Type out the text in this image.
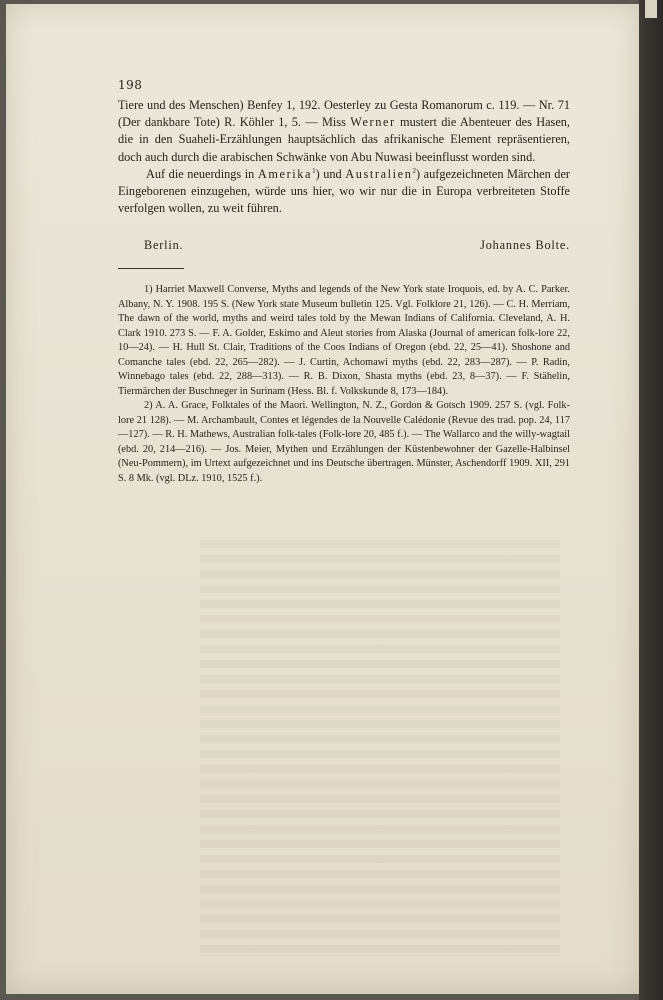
198

Tiere und des Menschen) Benfey 1, 192. Oesterley zu Gesta Romanorum c. 119. — Nr. 71 (Der dankbare Tote) R. Köhler 1, 5. — Miss Werner mustert die Abenteuer des Hasen, die in den Suaheli-Erzählungen hauptsächlich das afrikanische Element repräsentieren, doch auch durch die arabischen Schwänke von Abu Nuwasi beeinflusst worden sind.

Auf die neuerdings in Amerika$^1$) und Australien$^2$) aufgezeichneten Märchen der Eingeborenen einzugehen, würde uns hier, wo wir nur die in Europa verbreiteten Stoffe verfolgen wollen, zu weit führen.

Berlin.	Johannes Bolte.

1) Harriet Maxwell Converse, Myths and legends of the New York state Iroquois, ed. by A. C. Parker. Albany, N. Y. 1908. 195 S. (New York state Museum bulletin 125. Vgl. Folklore 21, 126). — C. H. Merriam, The dawn of the world, myths and weird tales told by the Mewan Indians of California. Cleveland, A. H. Clark 1910. 273 S. — F. A. Golder, Eskimo and Aleut stories from Alaska (Journal of american folk-lore 22, 10—24). — H. Hull St. Clair, Traditions of the Coos Indians of Oregon (ebd. 22, 25—41). Shoshone and Comanche tales (ebd. 22, 265—282). — J. Curtin, Achomawi myths (ebd. 22, 283—287). — P. Radin, Winnebago tales (ebd. 22, 288—313). — R. B. Dixon, Shasta myths (ebd. 23, 8—37). — F. Stähelin, Tiermärchen der Buschneger in Surinam (Hess. Bl. f. Volkskunde 8, 173—184).

2) A. A. Grace, Folktales of the Maori. Wellington, N. Z., Gordon & Gotsch 1909. 257 S. (vgl. Folk-lore 21 128). — M. Archambault, Contes et légendes de la Nouvelle Calédonie (Revue des trad. pop. 24, 117—127). — R. H. Mathews, Australian folk-tales (Folk-lore 20, 485 f.). — The Wallarco and the willy-wagtail (ebd. 20, 214—216). — Jos. Meier, Mythen und Erzählungen der Küstenbewohner der Gazelle-Halbinsel (Neu-Pommern), im Urtext aufgezeichnet und ins Deutsche übertragen. Münster, Aschendorff 1909. XII, 291 S. 8 Mk. (vgl. DLz. 1910, 1525 f.).
